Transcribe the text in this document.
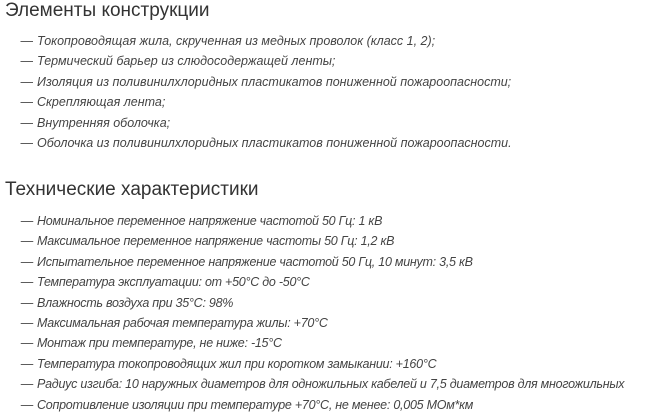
Элементы конструкции
— Токопроводящая жила, скрученная из медных проволок (класс 1, 2);
— Термический барьер из слюдосодержащей ленты;
— Изоляция из поливинилхлоридных пластикатов пониженной пожароопасности;
— Скрепляющая лента;
— Внутренняя оболочка;
— Оболочка из поливинилхлоридных пластикатов пониженной пожароопасности.
Технические характеристики
— Номинальное переменное напряжение частотой 50 Гц: 1 кВ
— Максимальное переменное напряжение частоты 50 Гц: 1,2 кВ
— Испытательное переменное напряжение частотой 50 Гц, 10 минут: 3,5 кВ
— Температура эксплуатации: от +50°С до -50°С
— Влажность воздуха при 35°С: 98%
— Максимальная рабочая температура жилы: +70°С
— Монтаж при температуре, не ниже: -15°С
— Температура токопроводящих жил при коротком замыкании: +160°С
— Радиус изгиба: 10 наружных диаметров для одножильных кабелей и 7,5 диаметров для многожильных
— Сопротивление изоляции при температуре +70°С, не менее: 0,005 МОм*км
